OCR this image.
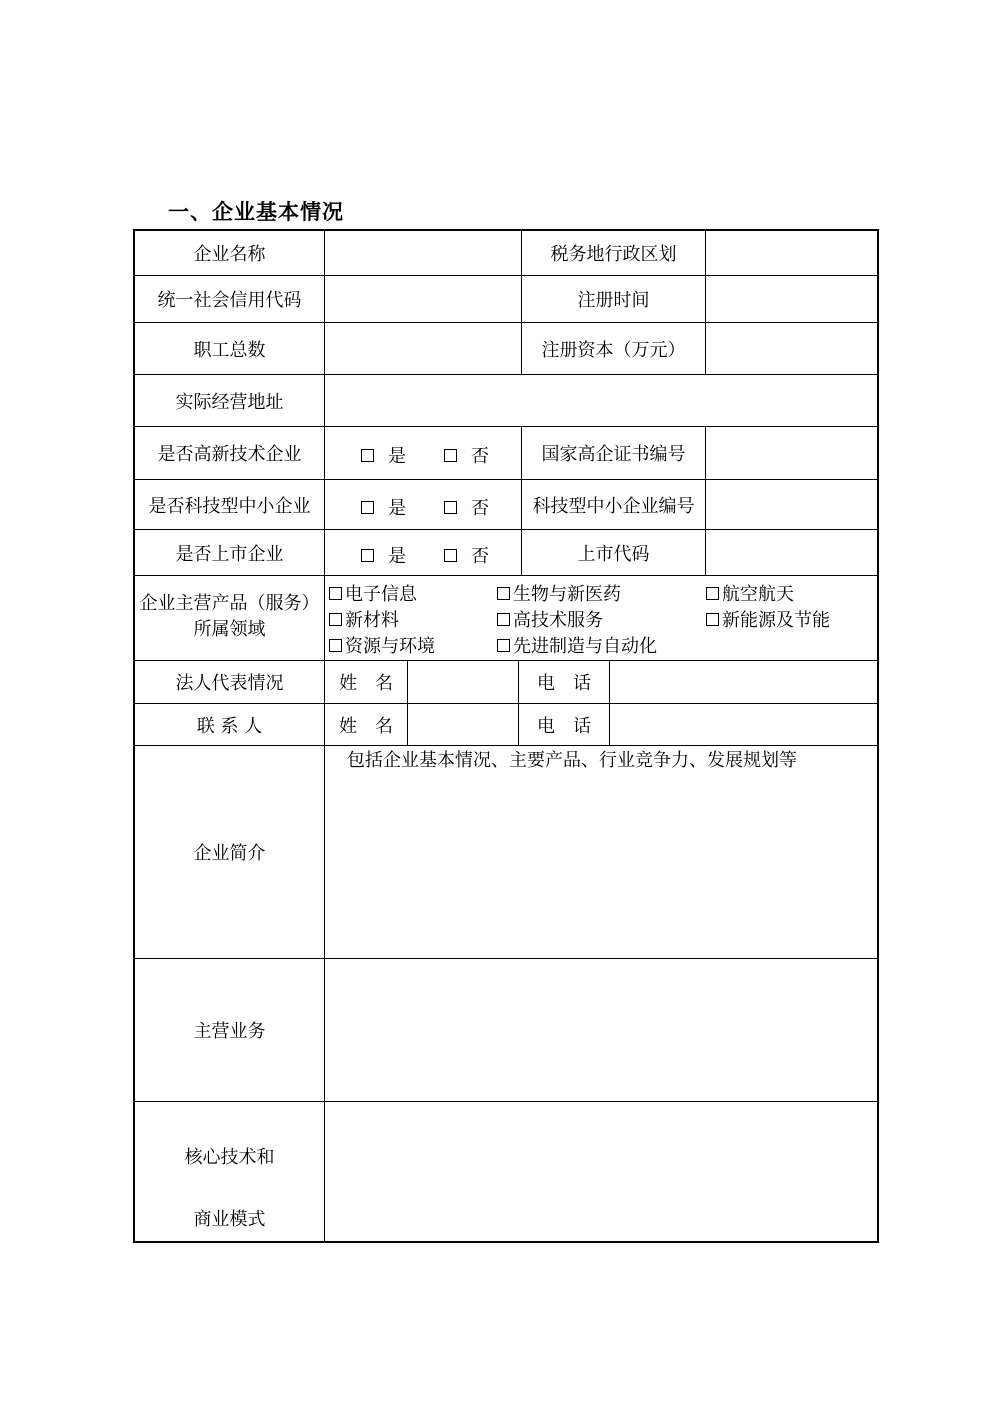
一、企业基本情况
企业名称	税务地行政区划
统一社会信用代码	注册时间
职工总数	注册资本（万元）
实际经营地址
是否高新技术企业	是	否	国家高企证书编号
是否科技型中小企业	是	否	科技型中小企业编号
是否上市企业	是	否	上市代码
企业主营产品（服务）
所属领域
电子信息	生物与新医药	航空航天
新材料	高技术服务	新能源及节能
资源与环境	先进制造与自动化
法人代表情况	姓　名	电　话
联 系 人	姓　名	电　话
企业简介
包括企业基本情况、主要产品、行业竞争力、发展规划等
主营业务
核心技术和
商业模式
